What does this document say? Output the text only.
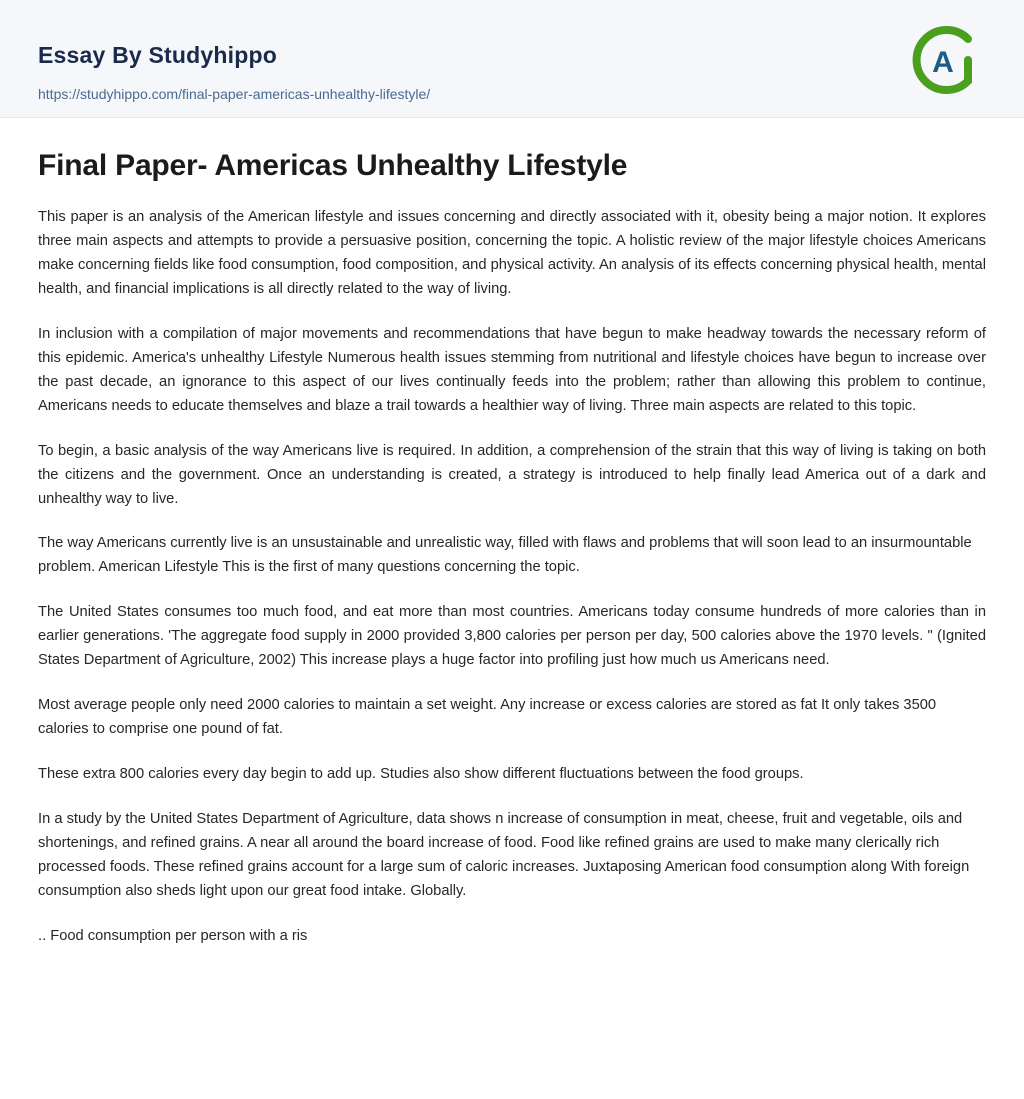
Essay By Studyhippo
https://studyhippo.com/final-paper-americas-unhealthy-lifestyle/
A
Final Paper- Americas Unhealthy Lifestyle

This paper is an analysis of the American lifestyle and issues concerning and directly associated with it, obesity being a major notion. It explores three main aspects and attempts to provide a persuasive position, concerning the topic. A holistic review of the major lifestyle choices Americans make concerning fields like food consumption, food composition, and physical activity. An analysis of its effects concerning physical health, mental health, and financial implications is all directly related to the way of living.

In inclusion with a compilation of major movements and recommendations that have begun to make headway towards the necessary reform of this epidemic. America's unhealthy Lifestyle Numerous health issues stemming from nutritional and lifestyle choices have begun to increase over the past decade, an ignorance to this aspect of our lives continually feeds into the problem; rather than allowing this problem to continue, Americans needs to educate themselves and blaze a trail towards a healthier way of living. Three main aspects are related to this topic.

To begin, a basic analysis of the way Americans live is required. In addition, a comprehension of the strain that this way of living is taking on both the citizens and the government. Once an understanding is created, a strategy is introduced to help finally lead America out of a dark and unhealthy way to live.

The way Americans currently live is an unsustainable and unrealistic way, filled with flaws and problems that will soon lead to an insurmountable problem. American Lifestyle This is the first of many questions concerning the topic.

The United States consumes too much food, and eat more than most countries. Americans today consume hundreds of more calories than in earlier generations. 'The aggregate food supply in 2000 provided 3,800 calories per person per day, 500 calories above the 1970 levels. " (Ignited States Department of Agriculture, 2002) This increase plays a huge factor into profiling just how much us Americans need.

Most average people only need 2000 calories to maintain a set weight. Any increase or excess calories are stored as fat It only takes 3500 calories to comprise one pound of fat.

These extra 800 calories every day begin to add up. Studies also show different fluctuations between the food groups.

In a study by the United States Department of Agriculture, data shows n increase of consumption in meat, cheese, fruit and vegetable, oils and shortenings, and refined grains. A near all around the board increase of food. Food like refined grains are used to make many clerically rich processed foods. These refined grains account for a large sum of caloric increases. Juxtaposing American food consumption along With foreign consumption also sheds light upon our great food intake. Globally.

.. Food consumption per person with a ris
